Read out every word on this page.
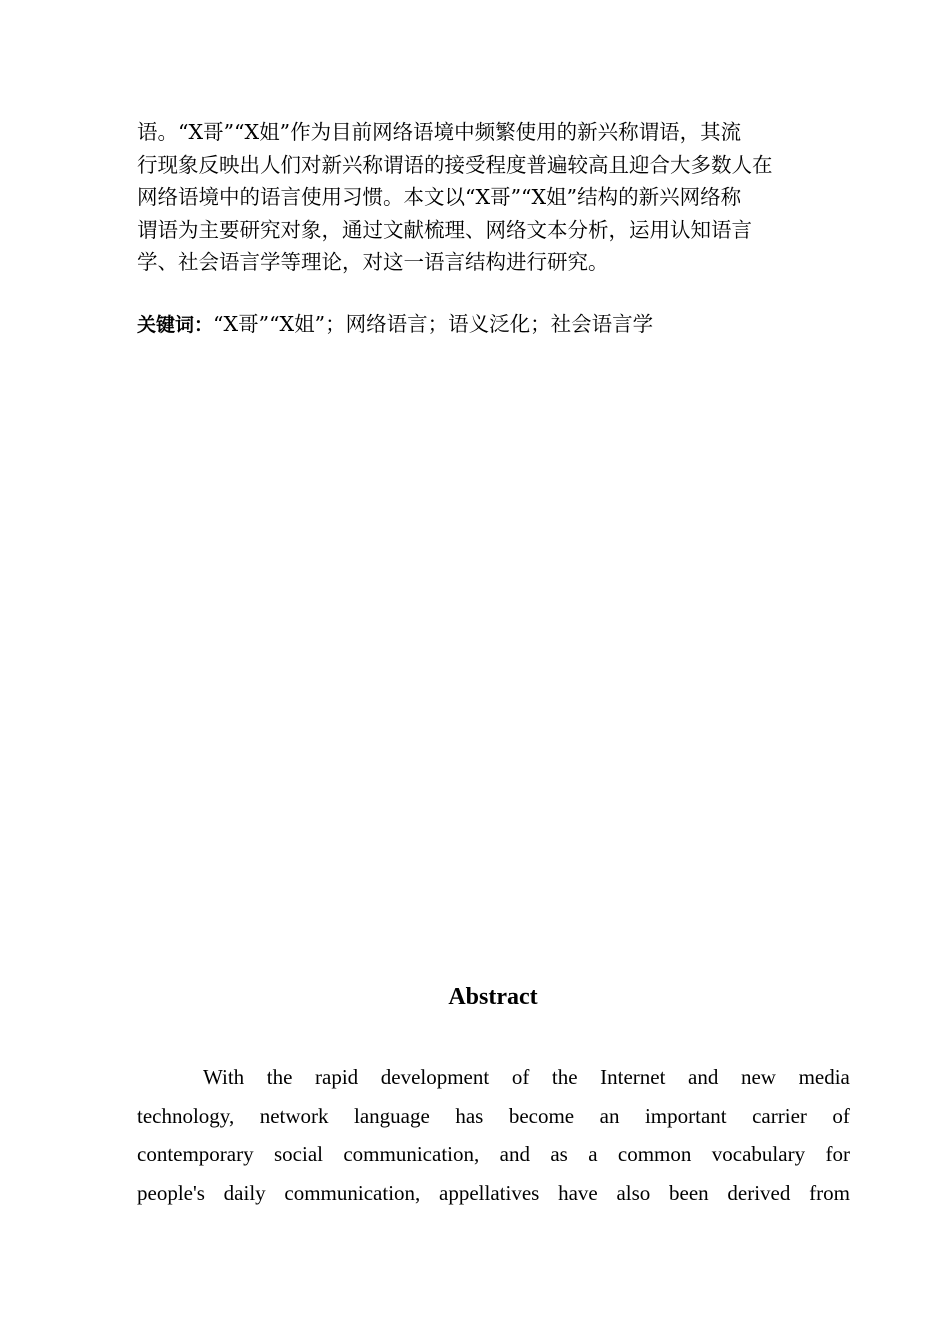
语。“X哥”“X姐”作为目前网络语境中频繁使用的新兴称谓语，其流
行现象反映出人们对新兴称谓语的接受程度普遍较高且迎合大多数人在
网络语境中的语言使用习惯。本文以“X哥”“X姐”结构的新兴网络称
谓语为主要研究对象，通过文献梳理、网络文本分析，运用认知语言
学、社会语言学等理论，对这一语言结构进行研究。
关键词：“X哥”“X姐”；网络语言；语义泛化；社会语言学
Abstract
With the rapid development of the Internet and new media
technology, network language has become an important carrier of
contemporary social communication, and as a common vocabulary for
people's daily communication, appellatives have also been derived from
